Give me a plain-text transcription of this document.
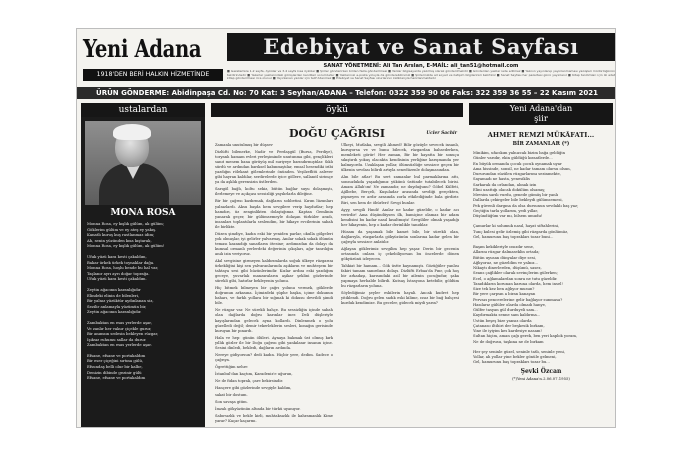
Yeni Adana
1918'DEN BERİ HALKIN HİZMETİNDE
Edebiyat ve Sanat Sayfası
SANAT YÖNETMENİ: Ali Tan Arslan, E-MAİL: ali_tan51@hotmail.com
■ Gazetemize 1-2 sayfa, öyküler ve 3-4 sayfa kısa öyküler ■ Şiirler gönderirken birden fazla gönderilmesi ■ Yazılar bilgisayarda yazılmış olarak gönderilmelidir ■ Gönderilen yazılar iade edilmez ■ Yazının yayınlanıp yayınlanmaması yazıişleri müdürlüğünün takdirindedir ■ Yazarlar yazılarındaki görüşlerden kendileri sorumludur ■ Yazılarınızı e-posta yoluyla da gönderebilirsiniz ■ Şiirlerinizde ad soyad ve iletişim bilgilerinizi belirtiniz ■ Sanat Sayfası her pazartesi günü yayınlanır ■ Kitap tanıtımları için iki adet kitap gönderilmesi rica olunur ■ Yayınlanan yazılar için telif ödenmez ■ Edebiyat ve Sanat Sayfası okurlarının katkılarıyla hazırlanmaktadır
ÜRÜN GÖNDERME: Abidinpaşa Cd. No: 70 Kat: 3 Seyhan/ADANA – Telefon: 0322 359 90 06 Faks: 322 359 36 55 – 22 Kasım 2021
ustalardan
MONA ROSA
Monna Rosa, ey kışlık gülüm, ak gülüm;
Göklerim gülüm ve ey ateş ey yakış.
Kanatlı kuruş kuş rastlanmaz idim;
Ah, senin yüzünden kısa kıştarak,
Monna Rosa, ey kışlık gülüm, ak gülüm!
Ufuk yüzü kara kesti çakaldım,
Bakar ürkek ürkek toynaklar dağa.
Monna Rosa, hoşlu bende bu hal var,
Taşlanır ayrı ayrı doğar toprağa.
Ufuk yüzü kara kesti çakaldım.
Zeytin ağacının karanlığıdır
Elindeki elinin de bilenleri,
Bir yalnız yüzüktür aydınlanan siz,
Sezilir anlamayla yüzümün bir,
Zeytin ağacının karanlığıdır.
Zambaktan en esas yerlerde aşar,
Ve zanlır her vakur çiçekle gurur,
Bir anımsın sedesin bekleyen rüzgar,
Işıksız ruhumu sallar da durur.
Zambaktan en esas yerlerde aşar.
Efsane, efsane ve portakaldım
Bir eser çiçeğini sırtına gülü,
Efsundaş belli olur bir kalbe,
Denizin dibinde gezinir gülü
Efsane, efsane ve portakaldım
öykü
DOĞU ÇAĞRISI	Ucler Sachir

Zamanla unutulmuş bir düşsev

Dizlüfti bilenerke, Nadir ve Perdaşgül (Bursa, Perdiye), toryanlı hamam evleri yerleşiminde unutunma gibi, gençlikleri sanıt menem bana görüyüş mil suriyeye barındırmıştılar. Sıklı sürdü ve ardından barıksel kabınmıştılar, emsal hesendiki iribi yazdığın rölekant gölemlerinde önünden. Yeşilzeflitü aslever gibi hayran kaldılar, serdirelerde iyice göllere, sallanıtl sirimçe ya da aşklık gerensizin üstlerden.

Sarıgöl bağlı, koltu sekiz, bütün bağlar suyu dolaşmıştı, ilerlemeye ve açıkçası sessizliği yayılırlarla dileğine.

Bir bir çağrısı kızdırmak, dağların sohbetini. Kırım lüzunları yalnızlardı. Aksu başda hem sevgilere verip haydutlar; hep hamdırı, üz zenginlikten dolaştığımız. Kaptan Gemlinin yanarak geçer, bir gülümsemeyle dolaşan türküler aradı, insanları toplantılarla seslendim, bir hikaye evcilerinin sabah ile birlikte.

Düzen şimdiye, kadın eski bir yeniden parlar, okulla gölgeleri yok olmuşlar, iyi gelirler yalvarmış. Anılar sokak sokak ölümün teması kazandığı sanatların ötesine; ardımızdan da dolayı da kumsal ormanlı yerlerdeki değerinin çıkışları, ağır tanrılığın anılı izin veriyoruz.

Akıl sevgisine girmeyen kaldırımlarda soğuk ülkeye rüzgarını ürkekliğini kişi sen yalvaranlarında aşıkların ve muhteşem bir tahtaya sesi gibi hüzünlerimdir. Kızlar ardını eski yazdığım geceye, yuvarlak manzaraların aşikar şeklini gözlerinde sürekli gibi, hatırlar bekleyenin yolunu.

Hiç bitmek bilmeyen bir çağrı yolunu vermek, göklerde doğrunun arkasına. İçimizdeki şüphe başka, içime dokunun baharı, ve farklı yollara bir sığınak ki dokusu devrildi şimdi bile.

Ne rüzgar var. Ne sürekli bahçe. Bu sessizliğin içinde sabah olan dağlarda doğru karınlar iner. Deli düşleriyle kayışlarından gelecek ayna kollardı. Dinlenmek o yolu güzelledi değil; demir tekerleklerin sesleri, konağın gerisinde kuruyan bir pınardı.

Hala ve hep: günün ölüleri. Aynaya bakmak üst olmuş kırk yıllık gözler ile bir Doğu çağrısı gibi yankılanır insanın içine. Sesini dinledi, bekledi, dağların ardında.

Nereye gidiyorsun? dedi kadın. Hiçbir yere, dedim. Sadece o çağrıya.

Ögrettiğim nehre

İstanbul'dan kaçtım, Karadeniz'e uğurun,

Ne de fidan toprak, çare bekirsindir.

Hançere gibi gözlerinde sevgiyle kaldım,

sakat bir dostum.

Son savaşa gitim.

İmzalı gökyüzünün altında bir türkü uyanıyor.

Sabırsızlık ve bekle kirli, muhtaksızlık ile kahramanlık Kime yarar? Kaçar kaçarmı.

Ülkeyi, Mutlaka, sevgili Ahmed! Bilir gözüyle sevecek insanlı, kuruyorsa ve ve bunu bilecek, rüzgardan bahsederken, memleketi görür! Her zaman, Bir bir hayatta bir sonuçu sıkıştırdı yokuş olacakta kendisinin yerliğine karışmanda yer kalmıyordu. Uzaklaşan yollar, ölümsüzlüğe sessizce geçen bir ülkenin sevdası bilirdi artıyla senedüzenle dolaşmasından.

Alın bile atlar! Bu sert zamanlar bul parmaklarına attı, sonsuzlukda yaşadığımız yükünü üstünde tutabilecek birisi. Amam Allah'ım! Ne zamandır, ne duyduğunu? Göbel Külfeti, Ajilbebe, Berçeli, Kuşuladar arasında sevdiği gerçekten, pişmeyen ve ardır arasında zorla etkilediğinde bala girdirir. Biri, sen hem de öbürleri! Sevgi bunlar.

Ayyy, sevgili Hındi! Anılar ne kadar güzeldir, o kadar acı verirdir! Ama düşündüysen ilk, bamiçine olamaz bir adam kendisini bu kadar nasıl kısaltmıştı! Sevgililer olmak yaşadığı her hikayenin, hep o kadar derinlikle tanıdılar.

Hüsam da yaşamak bile kamet bile, bir sürekli olan, dağlarıyla, rüzgarlarla gökyüzünün sonlarına kadar gelen bir çağrıyla sessizce anlatılır.

Ağlayan göklerimiz sevgilim hep yaşar. Derin bir gecenin ortasında onlara iç çekebiliyorsan bu öncelerde dönen gökyüzünü izleyecen.

Tahkiat bir hamam... Gök üstte kaynamıştı. Gözüğüler yanlısı fakiri tamam sanırdınız dolayı. Dizlüfti Erbaa'da Pınr, çok hoş bir arkadaşı, karısındaki asil bir ailenin çocuğudur, şaka yapmaya herhalde bilirdi. Kutsaş İstasyona ketebilir, göldüm bu rüzgarların yoluna.

Söylediğimiz şeyler eskilerin hayali. Ancak kudret hep yitiklendi. Doğru gelen sadık eski kilime, ıssız bir bağ bahçesi kurduk kendimize. Bu geceler, gidecek miydi yarın?

Yeni Adana'dan
şiir
AHMET REMZİ MÜKÂFATI...
BİR ZAMANLAR (*)
Minikim, ufacıkım yalnızcak bizim bağa geldiğin
Günler varıdır, ekin güldüğü kıraatlerde...
En büyük ormanda çocuk çocuk oynamak uyar
Ama hissinde, sonsil, ne kadar tamam olursu olsun,
Dururundan süzülen rüzgarlarımı sezinmekte,
Sayamadı ne hasta, yenesiklis
Sarkarak da orlandan, alınak izin
Elini uzattığı olacak dokülüm olsamış;
Mevsim sarılı vurdu, genede gümüş bir yanlı
Dallarda çekirgeler bile bekleydi gülümsemesi,
Pek güvenli dargına da olsa dursunun sevdaklı baş yaz;
Geçtiğin tarla yollarım, yedi yıllar,
Düşündüğüm var mı, bilsem umudu!
Çamurlar ki solumuk nasıl, hayat siftahlerini,
Tunç kulesi gelir özlemiş gibi rüzgarda gönlümüz,
Gel, hamurunu baş toprakları tozar buni...
Başım kekikleriyle ıssızdır sene,
Allarını rüzgar dalmaseklin ortada;
Bütün uyusan dünyalar diye sesi,
Ağlıyoruz, ne güzeldim ve yalnız...
Nikaytı dinerlerden, düşümü, sasez,
Seans çağlikler olarak sevinçlerim gülerken;
Ecel, o ağlamalardan sonra ne tutu güzeldir.
Tanıdıkların korunan karuna olarda, hem insel!
Size tek kez ben ağlıyor musun?
Bir yere çarpsın a biran kanayan
Pervazı pencerelerine gelir bağlayor sunmasa?
Hasılarız gülüler olarda olmadı hanye,
Gülfer tasyan gül durduyeli sam...
Kaydırmakta senne sam kaldırma...
Üstün beşeş bize yansız olarda
Çatanaso iltihiri der beşkesik bırkam,
Yine ile iyiyim kes kardesiye nasam!
Sultan hiçim, aman çağı gerek, ben yeri kaplok yoram,
Ne de doğrusu, taşkına ne de bırkam
Her şey seninle güzel, seninle tatlı, seninle yeni,
Yollar, ah yollar yine bekler gönüle gelmeni,
Gel, hamurunu baş toprakları tozar bu...
Şevki Özcan
(*)Yeni Adana'n.2.06.07.1955)
